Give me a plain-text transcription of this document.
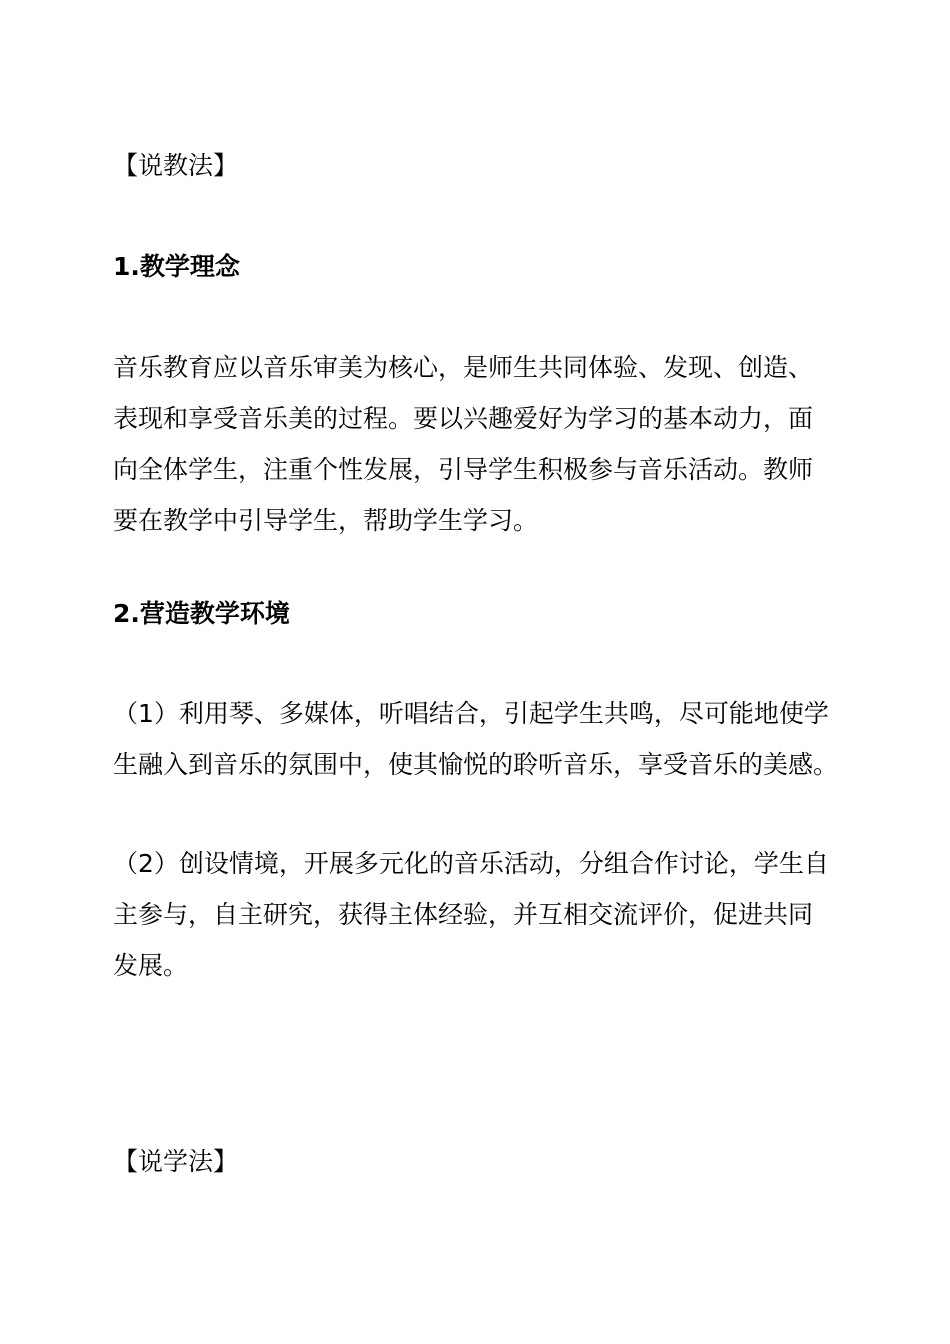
【说教法】
1.教学理念
音乐教育应以音乐审美为核心，是师生共同体验、发现、创造、
表现和享受音乐美的过程。要以兴趣爱好为学习的基本动力，面
向全体学生，注重个性发展，引导学生积极参与音乐活动。教师
要在教学中引导学生，帮助学生学习。
2.营造教学环境
（1）利用琴、多媒体，听唱结合，引起学生共鸣，尽可能地使学
生融入到音乐的氛围中，使其愉悦的聆听音乐，享受音乐的美感。
（2）创设情境，开展多元化的音乐活动，分组合作讨论，学生自
主参与，自主研究，获得主体经验，并互相交流评价，促进共同
发展。
【说学法】
